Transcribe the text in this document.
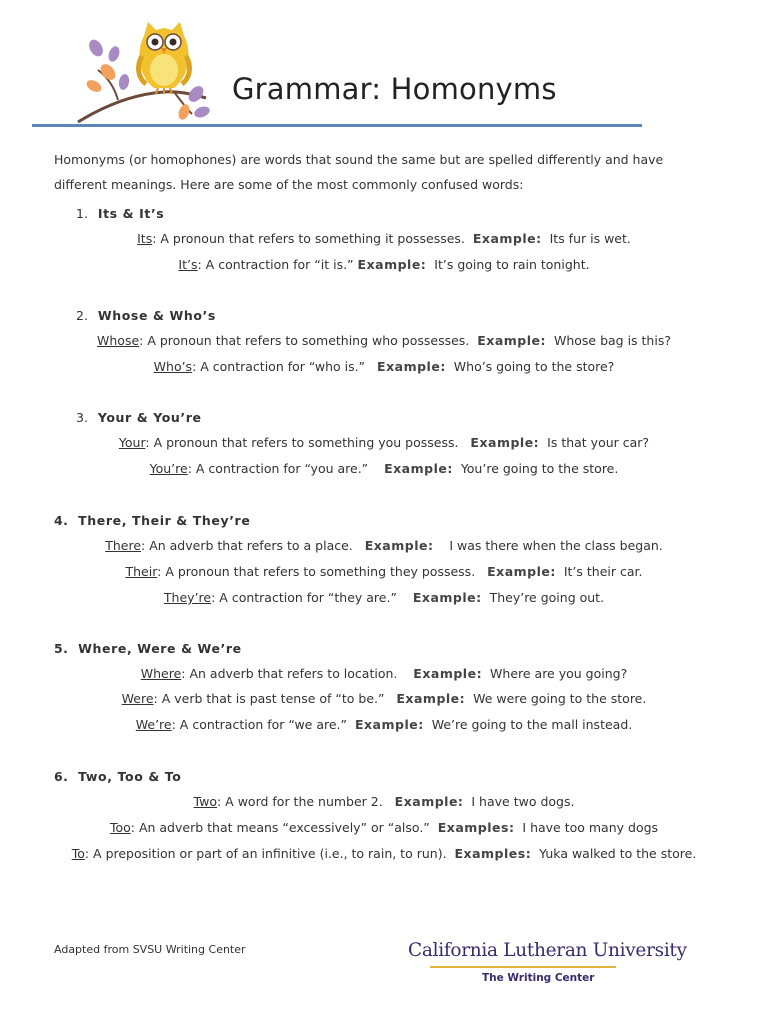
Grammar: Homonyms

Homonyms (or homophones) are words that sound the same but are spelled differently and have different meanings. Here are some of the most commonly confused words:

1. Its & It’s

Its: A pronoun that refers to something it possesses. Example: Its fur is wet.

It’s: A contraction for “it is.” Example: It’s going to rain tonight.

2. Whose & Who’s

Whose: A pronoun that refers to something who possesses. Example: Whose bag is this?

Who’s: A contraction for “who is.” Example: Who’s going to the store?

3. Your & You’re

Your: A pronoun that refers to something you possess. Example: Is that your car?

You’re: A contraction for “you are.” Example: You’re going to the store.

4. There, Their & They’re

There: An adverb that refers to a place. Example: I was there when the class began.

Their: A pronoun that refers to something they possess. Example: It’s their car.

They’re: A contraction for “they are.” Example: They’re going out.

5. Where, Were & We’re

Where: An adverb that refers to location. Example: Where are you going?

Were: A verb that is past tense of “to be.” Example: We were going to the store.

We’re: A contraction for “we are.” Example: We’re going to the mall instead.

6. Two, Too & To

Two: A word for the number 2. Example: I have two dogs.

Too: An adverb that means “excessively” or “also.” Examples: I have too many dogs

To: A preposition or part of an infinitive (i.e., to rain, to run). Examples: Yuka walked to the store.

Adapted from SVSU Writing Center	California Lutheran University

The Writing Center
